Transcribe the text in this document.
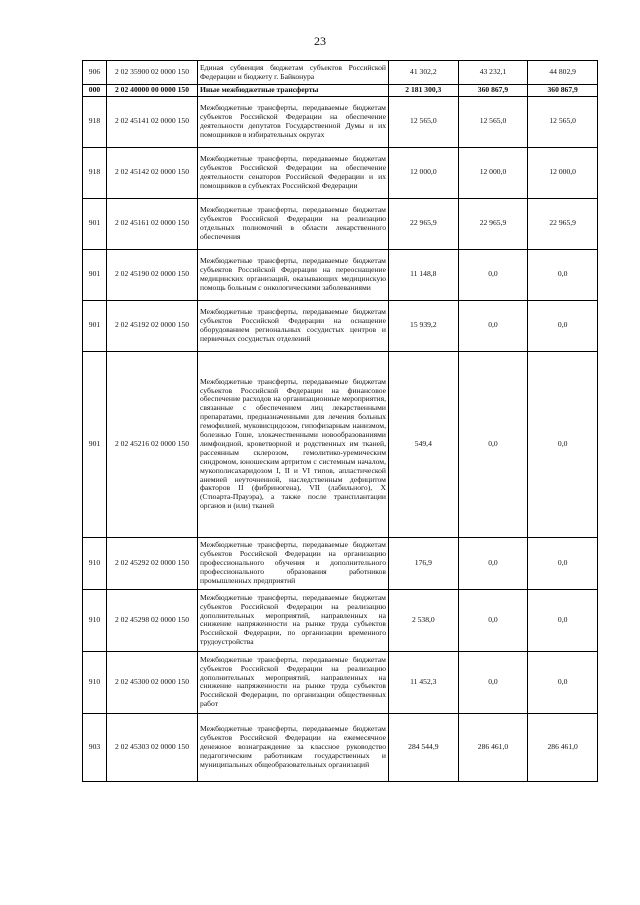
23
906	2 02 35900 02 0000 150	Единая субвенция бюджетам субъектов Российской Федерации и бюджету г. Байконура	41 302,2	43 232,1	44 802,9
000	2 02 40000 00 0000 150	Иные межбюджетные трансферты	2 181 300,3	360 867,9	360 867,9
918	2 02 45141 02 0000 150	Межбюджетные трансферты, передаваемые бюджетам субъектов Российской Федерации на обеспечение деятельности депутатов Государственной Думы и их помощников в избирательных округах	12 565,0	12 565,0	12 565,0
918	2 02 45142 02 0000 150	Межбюджетные трансферты, передаваемые бюджетам субъектов Российской Федерации на обеспечение деятельности сенаторов Российской Федерации и их помощников в субъектах Российской Федерации	12 000,0	12 000,0	12 000,0
901	2 02 45161 02 0000 150	Межбюджетные трансферты, передаваемые бюджетам субъектов Российской Федерации на реализацию отдельных полномочий в области лекарственного обеспечения	22 965,9	22 965,9	22 965,9
901	2 02 45190 02 0000 150	Межбюджетные трансферты, передаваемые бюджетам субъектов Российской Федерации на переоснащение медицинских организаций, оказывающих медицинскую помощь больным с онкологическими заболеваниями	11 148,8	0,0	0,0
901	2 02 45192 02 0000 150	Межбюджетные трансферты, передаваемые бюджетам субъектов Российской Федерации на оснащение оборудованием региональных сосудистых центров и первичных сосудистых отделений	15 939,2	0,0	0,0
901	2 02 45216 02 0000 150	Межбюджетные трансферты, передаваемые бюджетам субъектов Российской Федерации на финансовое обеспечение расходов на организационные мероприятия, связанные с обеспечением лиц лекарственными препаратами, предназначенными для лечения больных гемофилией, муковисцидозом, гипофизарным нанизмом, болезнью Гоше, злокачественными новообразованиями лимфоидной, кроветворной и родственных им тканей, рассеянным склерозом, гемолитико-уремическим синдромом, юношеским артритом с системным началом, мукополисахаридозом I, II и VI типов, апластической анемией неуточненной, наследственным дефицитом факторов II (фибриногена), VII (лабильного), X (Стюарта-Прауэра), а также после трансплантации органов и (или) тканей	549,4	0,0	0,0
910	2 02 45292 02 0000 150	Межбюджетные трансферты, передаваемые бюджетам субъектов Российской Федерации на организацию профессионального обучения и дополнительного профессионального образования работников промышленных предприятий	176,9	0,0	0,0
910	2 02 45298 02 0000 150	Межбюджетные трансферты, передаваемые бюджетам субъектов Российской Федерации на реализацию дополнительных мероприятий, направленных на снижение напряженности на рынке труда субъектов Российской Федерации, по организации временного трудоустройства	2 538,0	0,0	0,0
910	2 02 45300 02 0000 150	Межбюджетные трансферты, передаваемые бюджетам субъектов Российской Федерации на реализацию дополнительных мероприятий, направленных на снижение напряженности на рынке труда субъектов Российской Федерации, по организации общественных работ	11 452,3	0,0	0,0
903	2 02 45303 02 0000 150	Межбюджетные трансферты, передаваемые бюджетам субъектов Российской Федерации на ежемесячное денежное вознаграждение за классное руководство педагогическим работникам государственных и муниципальных общеобразовательных организаций	284 544,9	286 461,0	286 461,0
